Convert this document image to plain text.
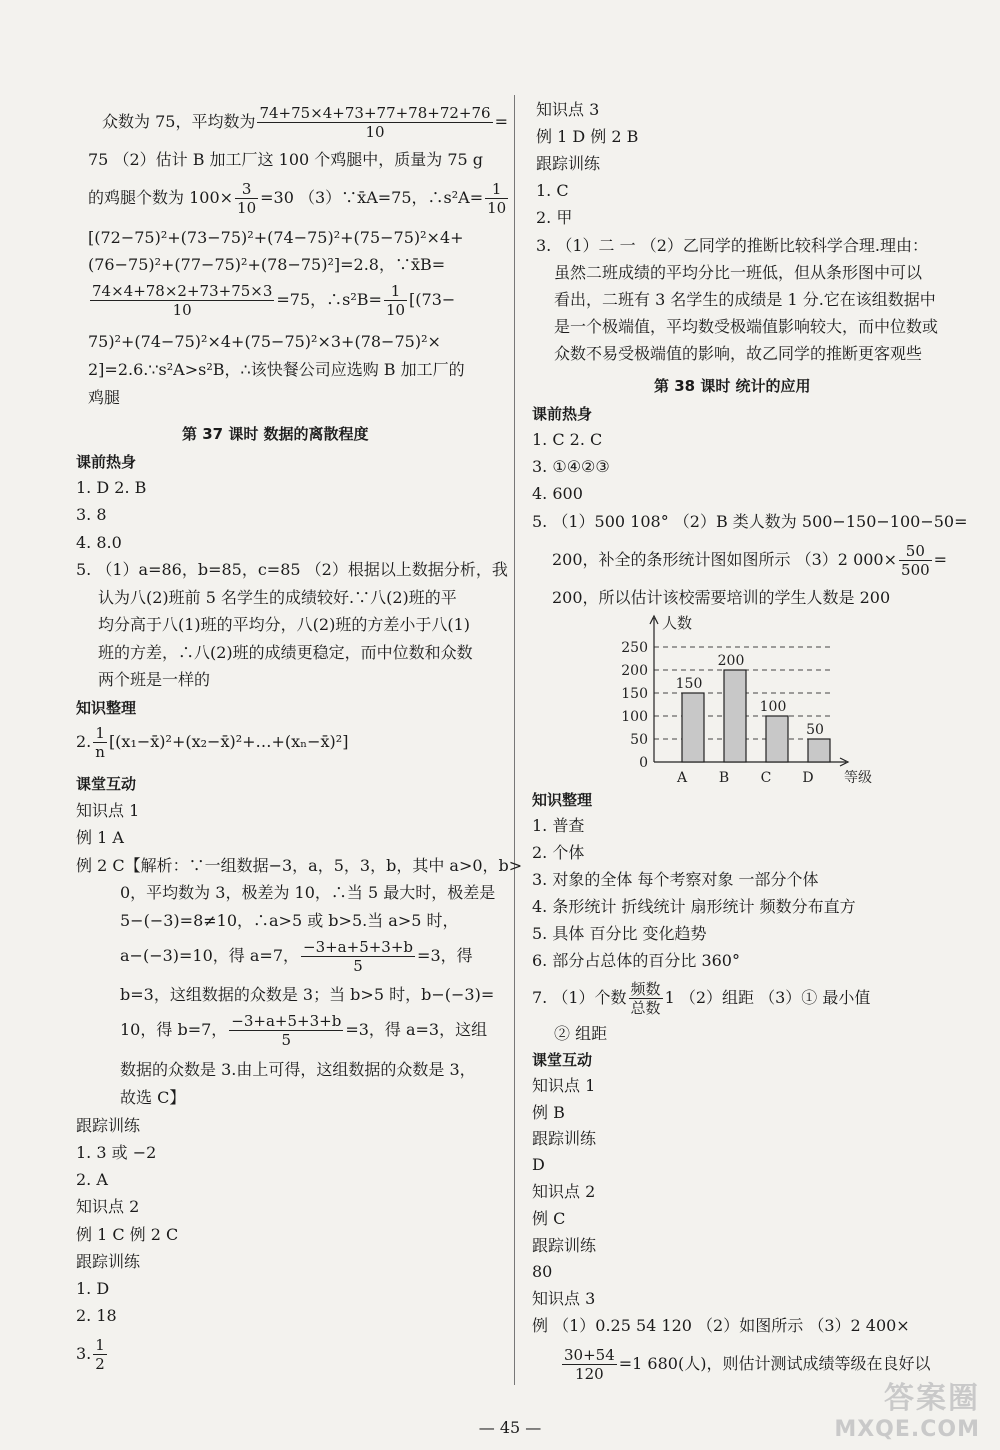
众数为 75，平均数为 $\frac{74+75\times 4+73+77+78+72+76}{10}$ =
75 （2）估计 B 加工厂这 100 个鸡腿中，质量为 75 g
的鸡腿个数为 $100\times \frac{3}{10} =30$ （3）∵x̄A=75，∴s²A= $\frac{1}{10}$
[(72−75)²+(73−75)²+(74−75)²+(75−75)²×4+
(76−75)²+(77−75)²+(78−75)²]=2.8，∵x̄B=
$\frac{74\times 4+78\times 2+73+75\times 3}{10} =75$，∴s²B= $\frac{1}{10} [(73-$
75)²+(74−75)²×4+(75−75)²×3+(78−75)²×
2]=2.6.∵s²A>s²B，∴该快餐公司应选购 B 加工厂的
鸡腿
第 37 课时 数据的离散程度
课前热身
1. D 2. B
3. 8
4. 8.0
5. （1）a=86，b=85，c=85 （2）根据以上数据分析，我
认为八(2)班前 5 名学生的成绩较好.∵八(2)班的平
均分高于八(1)班的平均分，八(2)班的方差小于八(1)
班的方差，∴八(2)班的成绩更稳定，而中位数和众数
两个班是一样的
知识整理
2. $\frac{1}{n}$ [(x₁−x̄)²+(x₂−x̄)²+…+(xₙ−x̄)²]
课堂互动
知识点 1
例 1 A
例 2 C【解析：∵一组数据−3，a，5，3，b，其中 a>0，b>
0，平均数为 3，极差为 10，∴当 5 最大时，极差是
5−(−3)=8≠10，∴a>5 或 b>5.当 a>5 时，
a−(−3)=10，得 a=7， $\frac{-3+a+5+3+b}{5} =3$，得
b=3，这组数据的众数是 3；当 b>5 时，b−(−3)=
10，得 b=7， $\frac{-3+a+5+3+b}{5} =3$，得 a=3，这组
数据的众数是 3.由上可得，这组数据的众数是 3，
故选 C】
跟踪训练
1. 3 或 −2
2. A
知识点 2
例 1 C 例 2 C
跟踪训练
1. D
2. 18
3. $\frac{1}{2}$
知识点 3
例 1 D 例 2 B
跟踪训练
1. C
2. 甲
3. （1）二 一 （2）乙同学的推断比较科学合理.理由：
虽然二班成绩的平均分比一班低，但从条形图中可以
看出，二班有 3 名学生的成绩是 1 分.它在该组数据中
是一个极端值，平均数受极端值影响较大，而中位数或
众数不易受极端值的影响，故乙同学的推断更客观些
第 38 课时 统计的应用
课前热身
1. C 2. C
3. ①④②③
4. 600
5. （1）500 108° （2）B 类人数为 500−150−100−50=
200，补全的条形统计图如图所示 （3）2 $000\times \frac{50}{500}$ =
200，所以估计该校需要培训的学生人数是 200
知识整理
1. 普查
2. 个体
3. 对象的全体 每个考察对象 一部分个体
4. 条形统计 折线统计 扇形统计 频数分布直方
5. 具体 百分比 变化趋势
6. 部分占总体的百分比 360°
7. （1）个数 $\frac{\text{频数}}{\text{总数}} 1$ （2）组距 （3）① 最小值
② 组距
课堂互动
知识点 1
例 B
跟踪训练
D
知识点 2
例 C
跟踪训练
80
知识点 3
例 （1）0.25 54 120 （2）如图所示 （3）2 400×
$\frac{30+54}{120} =1$ 680(人)，则估计测试成绩等级在良好以
0
50
100
150
200
250
人数
等级
150
A
200
B
100
C
50
D
— 45 —
答案圈
MXQE.COM
